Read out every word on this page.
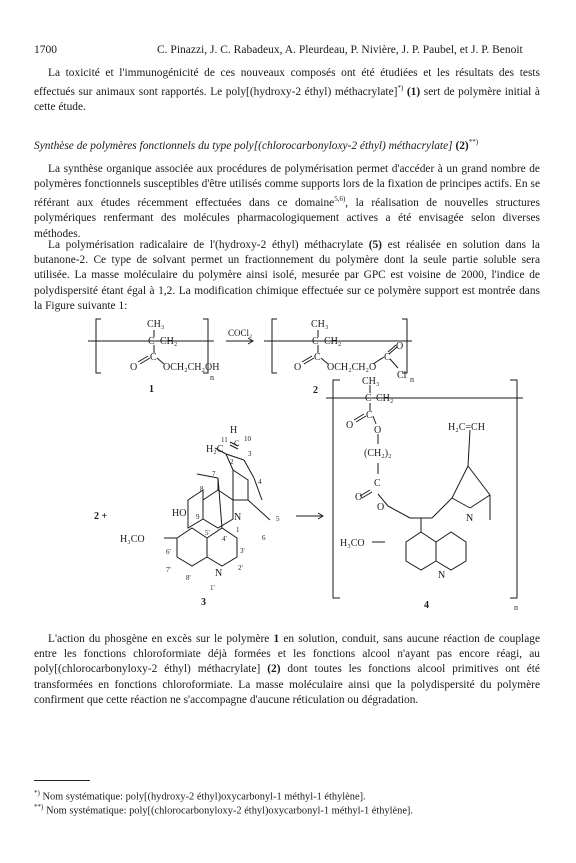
1700	C. Pinazzi, J. C. Rabadeux, A. Pleurdeau, P. Nivière, J. P. Paubel, et J. P. Benoit

La toxicité et l'immunogénicité de ces nouveaux composés ont été étudiées et les résultats des tests effectués sur animaux sont rapportés. Le poly[(hydroxy-2 éthyl) méthacrylate]*) (1) sert de polymère initial à cette étude.

Synthèse de polymères fonctionnels du type poly[(chlorocarbonyloxy-2 éthyl) méthacrylate] (2)**)

La synthèse organique associée aux procédures de polymérisation permet d'accéder à un grand nombre de polymères fonctionnels susceptibles d'être utilisés comme supports lors de la fixation de principes actifs. En se référant aux études récemment effectuées dans ce domaine$^{5,6)}$, la réalisation de nouvelles structures polymériques renfermant des molécules pharmacologiquement actives a été envisagée selon diverses méthodes.

La polymérisation radicalaire de l'(hydroxy-2 éthyl) méthacrylate (5) est réalisée en solution dans la butanone-2. Ce type de solvant permet un fractionnement du polymère dont la seule partie soluble sera utilisée. La masse moléculaire du polymère ainsi isolé, mesurée par GPC est voisine de 2000, l'indice de polydispersité étant égal à 1,2. La modification chimique effectuée sur ce polymère support est montrée dans la Figure suivante 1:

CH₃
C CH₂
C
O	OCH₂CH₂OH
n
1
COCl₂
CH₃
C CH₂
C
O	OCH₂CH₂O
C
O
Cl n
2
2 +
H
H₂C
C
11 10
3
2
7
4
8
9	N
1
5
6
HO
5'
4'
H₃CO
6'	3'
N 2'
7'
8'
1'
3
CH₃
C CH₂
C
O O
(CH₂)₂
C
O
O
H₂C=CH
N
H₃CO
N
n
4

L'action du phosgène en excès sur le polymère 1 en solution, conduit, sans aucune réaction de couplage entre les fonctions chloroformiate déjà formées et les fonctions alcool n'ayant pas encore réagi, au poly[(chlorocarbonyloxy-2 éthyl) méthacrylate] (2) dont toutes les fonctions alcool primitives ont été transformées en fonctions chloroformiate. La masse moléculaire ainsi que la polydispersité du polymère confirment que cette réaction ne s'accompagne d'aucune réticulation ou dégradation.

*) Nom systématique: poly[(hydroxy-2 éthyl)oxycarbonyl-1 méthyl-1 éthylène].
**) Nom systématique: poly[(chlorocarbonyloxy-2 éthyl)oxycarbonyl-1 méthyl-1 éthylène].
